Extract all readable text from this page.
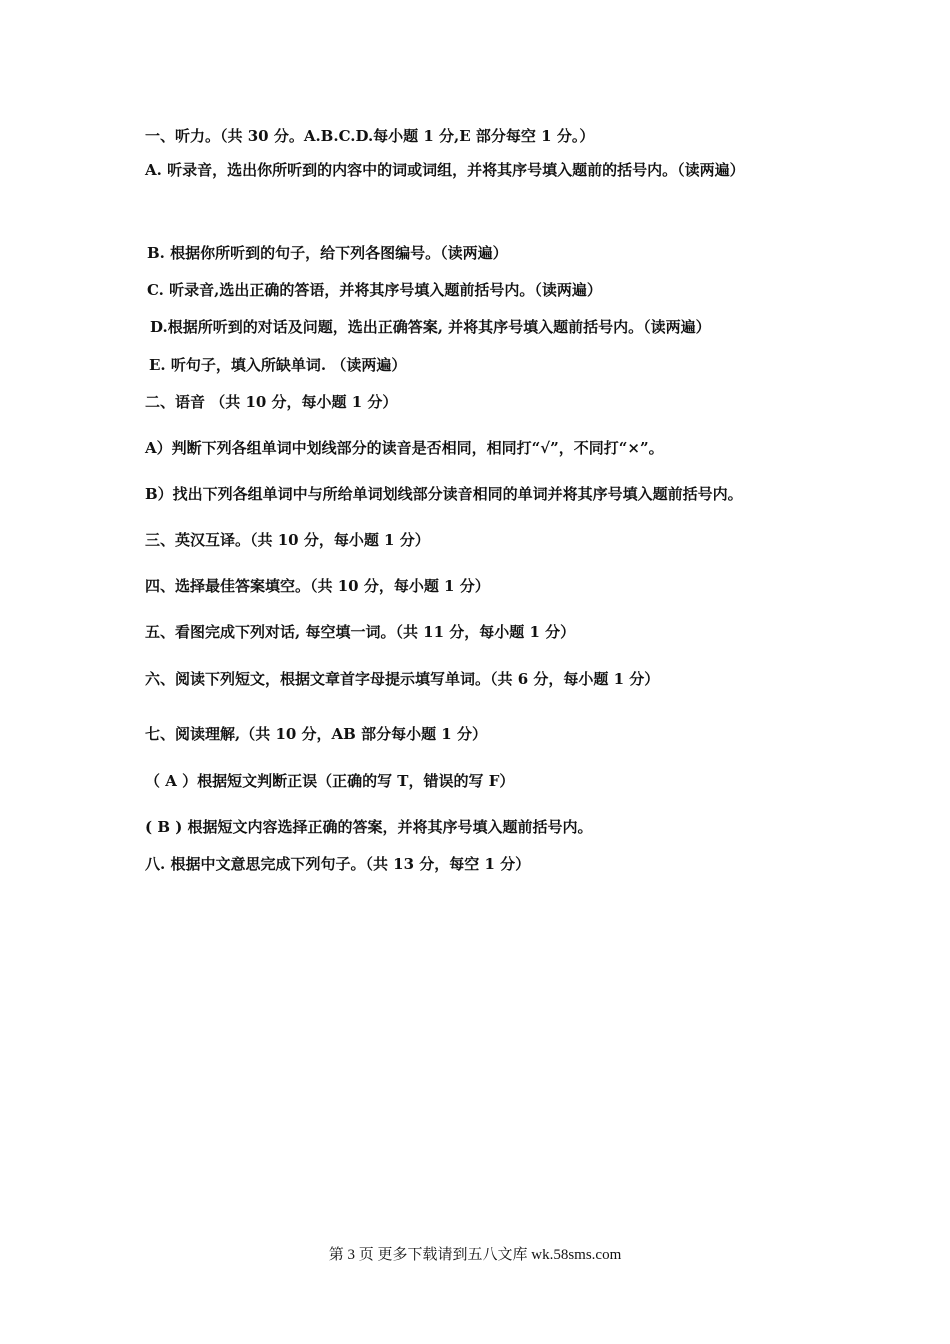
一、听力。（共 30 分。A.B.C.D.每小题 1 分,E 部分每空 1 分。）
A. 听录音，选出你所听到的内容中的词或词组，并将其序号填入题前的括号内。（读两遍）
B. 根据你所听到的句子，给下列各图编号。（读两遍）
C. 听录音,选出正确的答语，并将其序号填入题前括号内。（读两遍）
D.根据所听到的对话及问题，选出正确答案, 并将其序号填入题前括号内。（读两遍）
E. 听句子，填入所缺单词. （读两遍）
二、语音 （共 10 分，每小题 1 分）
A）判断下列各组单词中划线部分的读音是否相同，相同打“√”，不同打“×”。
B）找出下列各组单词中与所给单词划线部分读音相同的单词并将其序号填入题前括号内。
三、英汉互译。（共 10 分，每小题 1 分）
四、选择最佳答案填空。（共 10 分，每小题 1 分）
五、看图完成下列对话, 每空填一词。（共 11 分，每小题 1 分）
六、阅读下列短文，根据文章首字母提示填写单词。（共 6 分，每小题 1 分）
七、阅读理解,（共 10 分，AB 部分每小题 1 分）
（ A ）根据短文判断正误（正确的写 T，错误的写 F）
( B ) 根据短文内容选择正确的答案，并将其序号填入题前括号内。
八. 根据中文意思完成下列句子。（共 13 分，每空 1 分）
第 3 页 更多下载请到五八文库 wk.58sms.com
